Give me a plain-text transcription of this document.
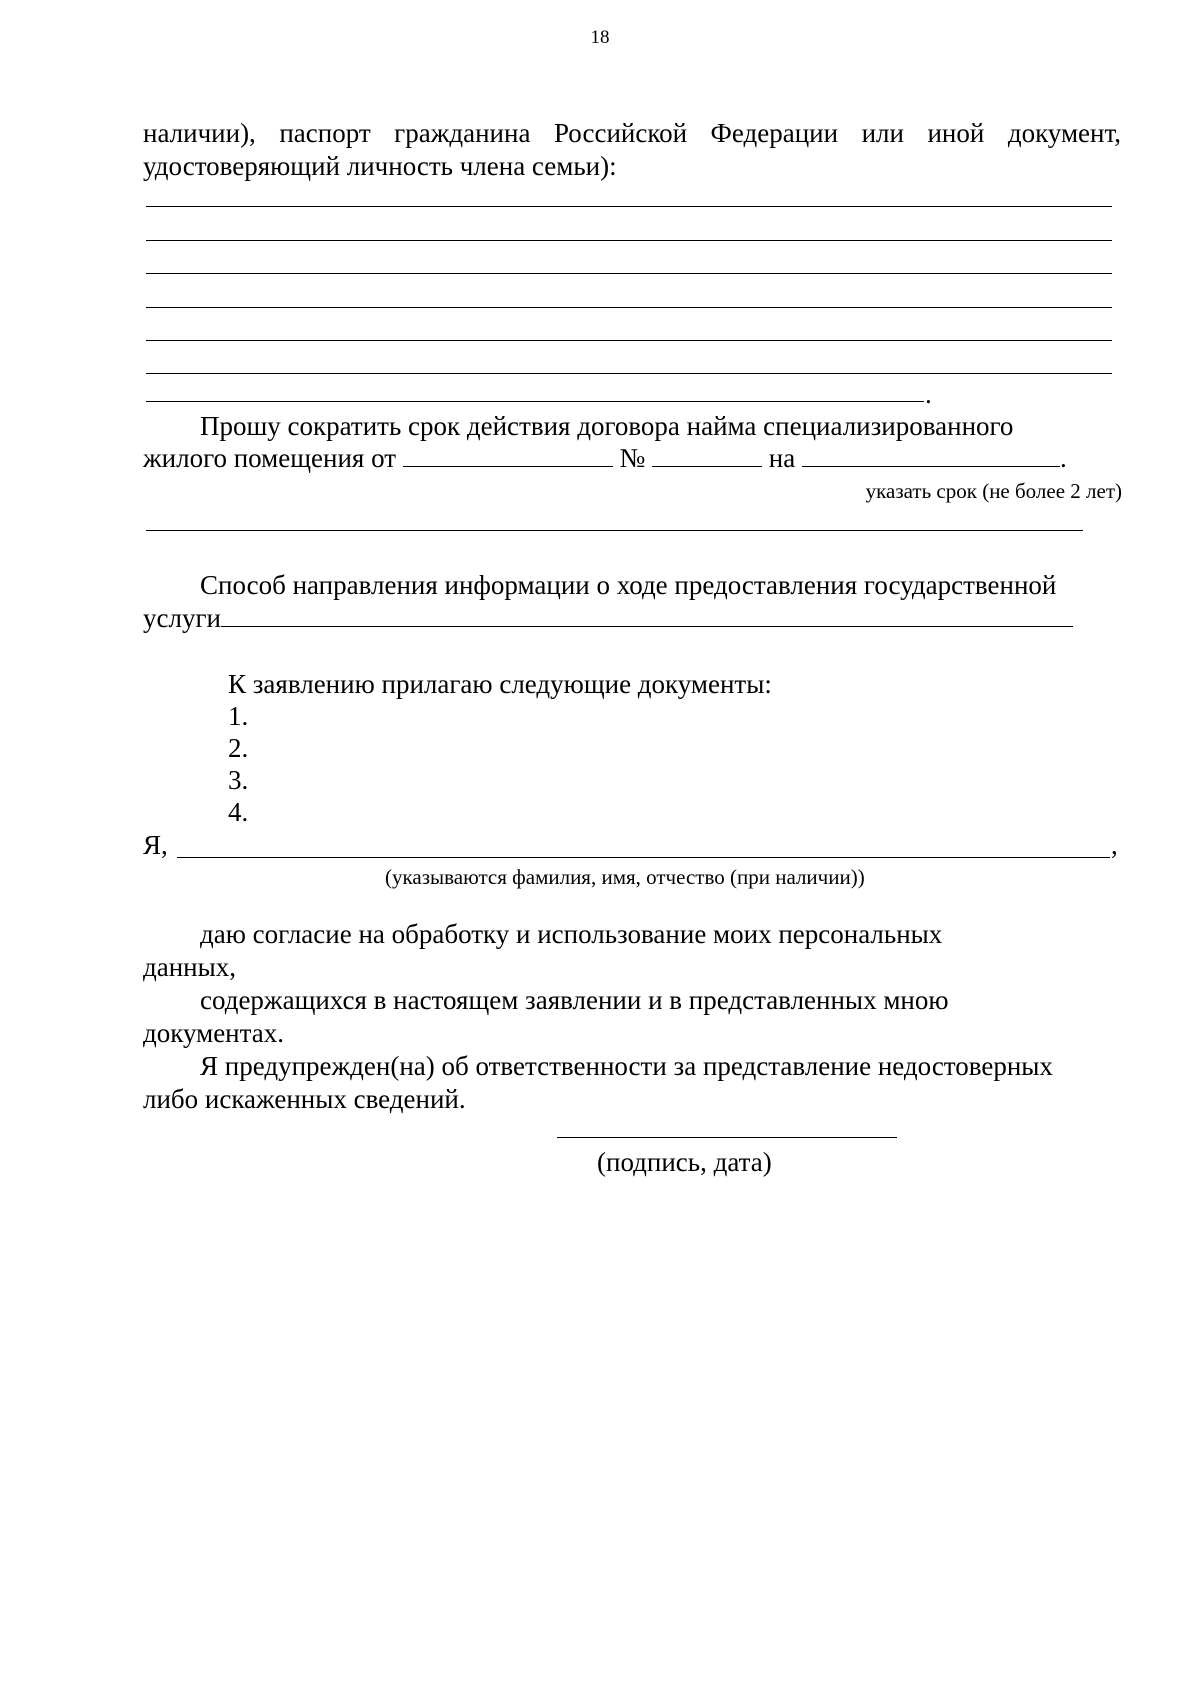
18
наличии), паспорт гражданина Российской Федерации или иной документ,
удостоверяющий личность члена семьи):
.
Прошу сократить срок действия договора найма специализированного
жилого помещения от	№	на	.
указать срок (не более 2 лет)
Способ направления информации о ходе предоставления государственной
услуги
К заявлению прилагаю следующие документы:
1.
2.
3.
4.
Я,	,
(указываются фамилия, имя, отчество (при наличии))
даю согласие на обработку и использование моих персональных
данных,
содержащихся в настоящем заявлении и в представленных мною
документах.
Я предупрежден(на) об ответственности за представление недостоверных
либо искаженных сведений.
(подпись, дата)
